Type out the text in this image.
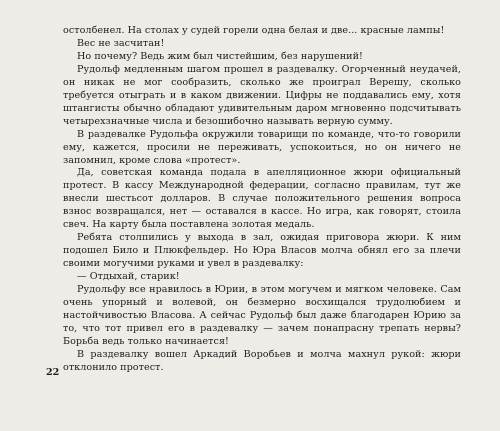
остолбенел. На столах у судей горели одна белая и две... красные лампы!

Вес не засчитан!

Но почему? Ведь жим был чистейшим, без нарушений!

Рудольф медленным шагом прошел в раздевалку. Огорченный неудачей, он никак не мог сообразить, сколько же проиграл Верешу, сколько требуется отыграть и в каком движении. Цифры не поддавались ему, хотя штангисты обычно обладают удивительным даром мгновенно подсчитывать четырехзначные числа и безошибочно называть верную сумму.

В раздевалке Рудольфа окружили товарищи по команде, что-то говорили ему, кажется, просили не переживать, успокоиться, но он ничего не запомнил, кроме слова «протест».

Да, советская команда подала в апелляционное жюри официальный протест. В кассу Международной федерации, согласно правилам, тут же внесли шестьсот долларов. В случае положительного решения вопроса взнос возвращался, нет — оставался в кассе. Но игра, как говорят, стоила свеч. На карту была поставлена золотая медаль.

Ребята столпились у выхода в зал, ожидая приговора жюри. К ним подошел Било и Плюкфельдер. Но Юра Власов молча обнял его за плечи своими могучими руками и увел в раздевалку:

— Отдыхай, старик!

Рудольфу все нравилось в Юрии, в этом могучем и мягком человеке. Сам очень упорный и волевой, он безмерно восхищался трудолюбием и настойчивостью Власова. А сейчас Рудольф был даже благодарен Юрию за то, что тот привел его в раздевалку — зачем понапрасну трепать нервы? Борьба ведь только начинается!

В раздевалку вошел Аркадий Воробьев и молча махнул рукой: жюри отклонило протест.

22
